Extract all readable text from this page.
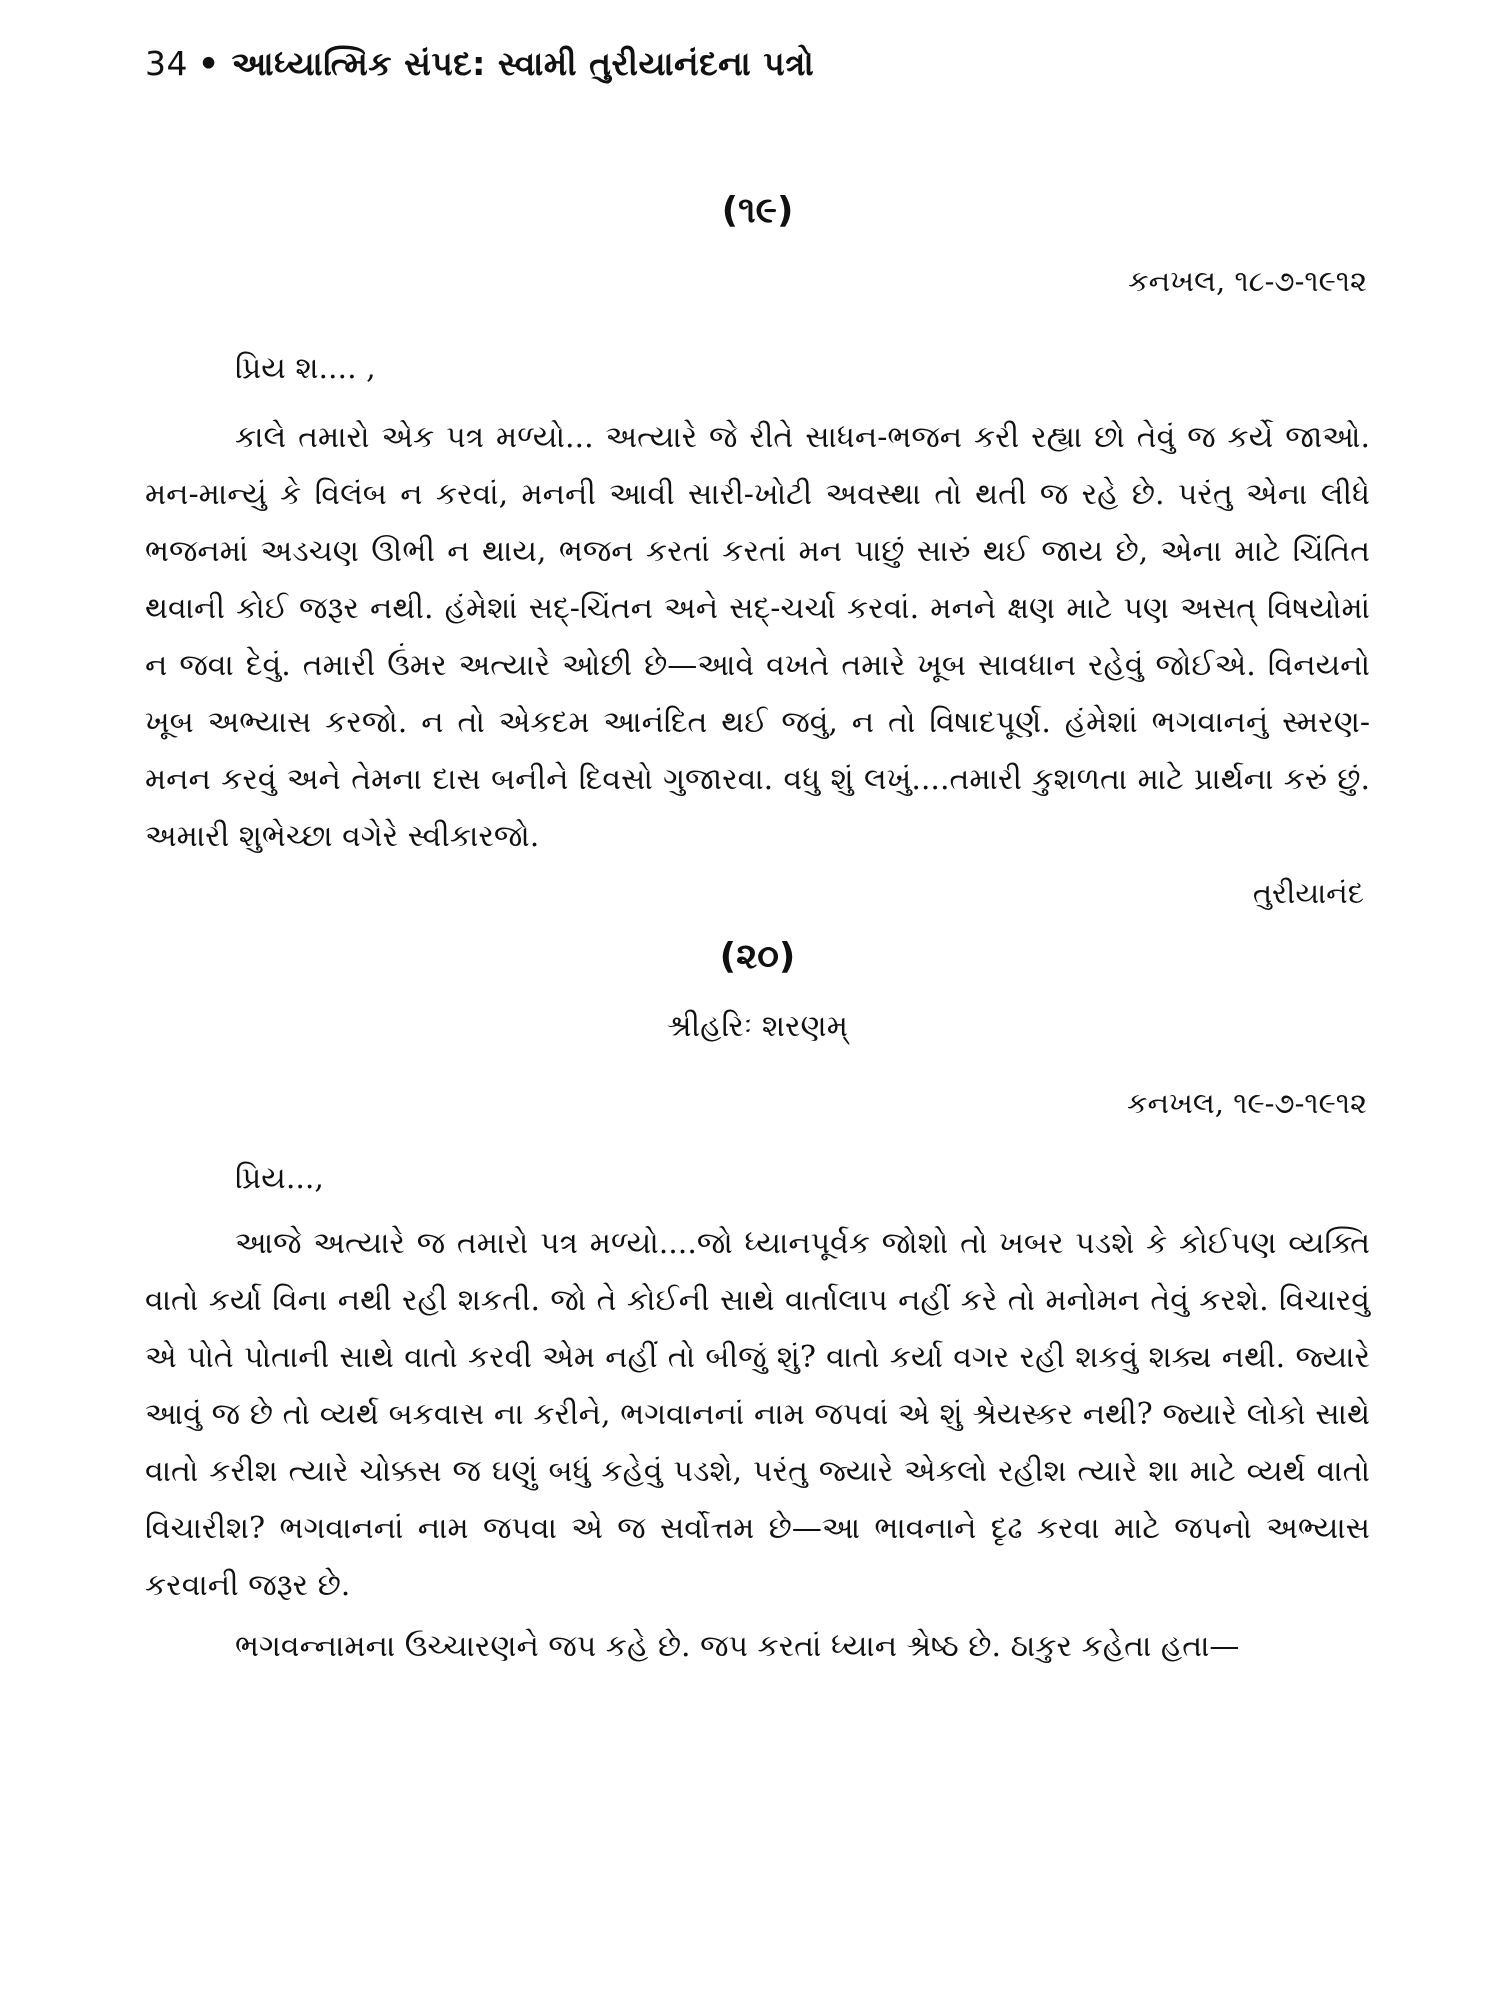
34 • આધ્યાત્મિક સંપદ: સ્વામી તુરીયાનંદના પત્રો
(૧૯)
કનખલ, ૧૮-૭-૧૯૧૨
પ્રિય શ.... ,

કાલે તમારો એક પત્ર મળ્યો... અત્યારે જે રીતે સાધન-ભજન કરી રહ્યા છો તેવું જ કર્યે જાઓ. મન-માન્યું કે વિલંબ ન કરવાં, મનની આવી સારી-ખોટી અવસ્થા તો થતી જ રહે છે. પરંતુ એના લીધે ભજનમાં અડચણ ઊભી ન થાય, ભજન કરતાં કરતાં મન પાછું સારું થઈ જાય છે, એના માટે ચિંતિત થવાની કોઈ જરૂર નથી. હંમેશાં સદ્-ચિંતન અને સદ્-ચર્ચા કરવાં. મનને ક્ષણ માટે પણ અસત્ વિષયોમાં ન જવા દેવું. તમારી ઉંમર અત્યારે ઓછી છે—આવે વખતે તમારે ખૂબ સાવધાન રહેવું જોઈએ. વિનયનો ખૂબ અભ્યાસ કરજો. ન તો એકદમ આનંદિત થઈ જવું, ન તો વિષાદપૂર્ણ. હંમેશાં ભગવાનનું સ્મરણ-મનન કરવું અને તેમના દાસ બનીને દિવસો ગુજારવા. વધુ શું લખું....તમારી કુશળતા માટે પ્રાર્થના કરું છું. અમારી શુભેચ્છા વગેરે સ્વીકારજો.

તુરીયાનંદ
(૨૦)
શ્રીહરિઃ શરણમ્
કનખલ, ૧૯-૭-૧૯૧૨
પ્રિય...,

આજે અત્યારે જ તમારો પત્ર મળ્યો....જો ધ્યાનપૂર્વક જોશો તો ખબર પડશે કે કોઈપણ વ્યક્તિ વાતો કર્યા વિના નથી રહી શકતી. જો તે કોઈની સાથે વાર્તાલાપ નહીં કરે તો મનોમન તેવું કરશે. વિચારવું એ પોતે પોતાની સાથે વાતો કરવી એમ નહીં તો બીજું શું? વાતો કર્યા વગર રહી શકવું શક્ય નથી. જ્યારે આવું જ છે તો વ્યર્થ બકવાસ ના કરીને, ભગવાનનાં નામ જપવાં એ શું શ્રેયસ્કર નથી? જ્યારે લોકો સાથે વાતો કરીશ ત્યારે ચોક્કસ જ ઘણું બધું કહેવું પડશે, પરંતુ જ્યારે એકલો રહીશ ત્યારે શા માટે વ્યર્થ વાતો વિચારીશ? ભગવાનનાં નામ જપવા એ જ સર્વોત્તમ છે—આ ભાવનાને દૃઢ કરવા માટે જપનો અભ્યાસ કરવાની જરૂર છે.

ભગવન્નામના ઉચ્ચારણને જપ કહે છે. જપ કરતાં ધ્યાન શ્રેષ્ઠ છે. ઠાકુર કહેતા હતા—
